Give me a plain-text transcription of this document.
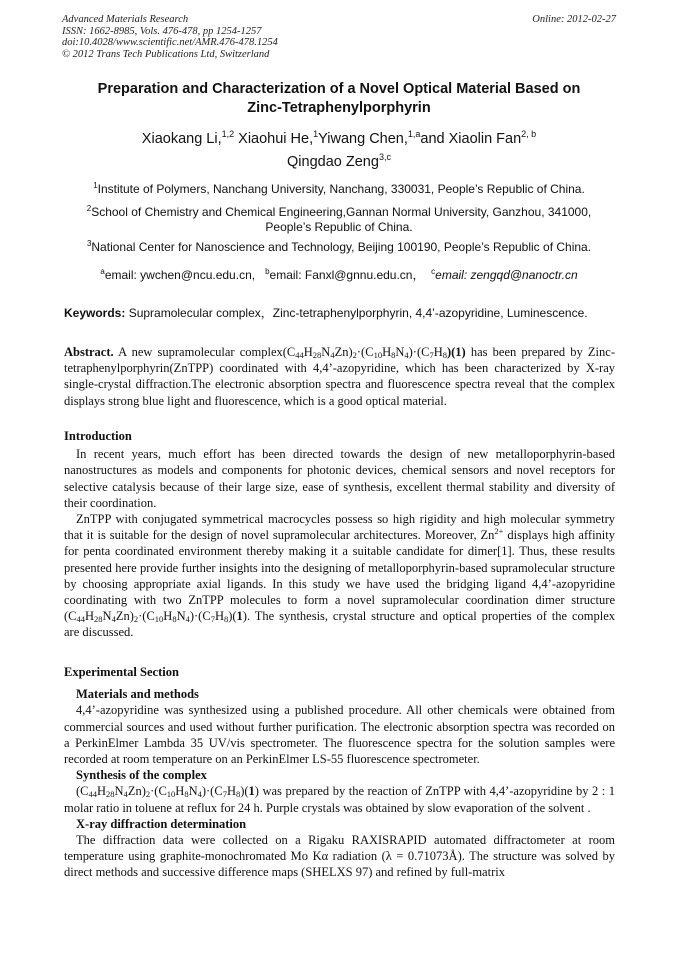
Advanced Materials Research
ISSN: 1662-8985, Vols. 476-478, pp 1254-1257
doi:10.4028/www.scientific.net/AMR.476-478.1254
© 2012 Trans Tech Publications Ltd, Switzerland
Online: 2012-02-27
Preparation and Characterization of a Novel Optical Material Based on
Zinc-Tetraphenylporphyrin
Xiaokang Li,$^{1,2}$ Xiaohui He,$^1$Yiwang Chen,$^{1,a}$and Xiaolin Fan$^{2, b}$
Qingdao Zeng$^{3,c}$
$^1$Institute of Polymers, Nanchang University, Nanchang, 330031, People’s Republic of China.
$^2$School of Chemistry and Chemical Engineering,Gannan Normal University, Ganzhou, 341000,
People’s Republic of China.
$^3$National Center for Nanoscience and Technology, Beijing 100190, People’s Republic of China.
$^a$email: ywchen@ncu.edu.cn, $^b$email: Fanxl@gnnu.edu.cn， $^c$email: zengqd@nanoctr.cn
Keywords: Supramolecular complex，Zinc-tetraphenylporphyrin, 4,4’-azopyridine, Luminescence.

Abstract. A new supramolecular $complex(C_{44}H_{28}N_4Zn)_2\cdot(C_{10}H_8N_4)\cdot(C_7H_8)(1)$ has been prepared by Zinc-tetraphenylporphyrin(ZnTPP) coordinated with 4,4’-azopyridine, which has been characterized by X-ray single-crystal diffraction.The electronic absorption spectra and fluorescence spectra reveal that the complex displays strong blue light and fluorescence, which is a good optical material.

Introduction

In recent years, much effort has been directed towards the design of new metalloporphyrin-based nanostructures as models and components for photonic devices, chemical sensors and novel receptors for selective catalysis because of their large size, ease of synthesis, excellent thermal stability and diversity of their coordination.

ZnTPP with conjugated symmetrical macrocycles possess so high rigidity and high molecular symmetry that it is suitable for the design of novel supramolecular architectures. Moreover, $Zn^{2+}$ displays high affinity for penta coordinated environment thereby making it a suitable candidate for dimer[1]. Thus, these results presented here provide further insights into the designing of metalloporphyrin-based supramolecular structure by choosing appropriate axial ligands. In this study we have used the bridging ligand 4,4’-azopyridine coordinating with two ZnTPP molecules to form a novel supramolecular coordination dimer structure $(C_{44}H_{28}N_4Zn)_2\cdot(C_{10}H_8N_4)\cdot(C_7H_8)(1)$. The synthesis, crystal structure and optical properties of the complex are discussed.

Experimental Section
Materials and methods

4,4’-azopyridine was synthesized using a published procedure. All other chemicals were obtained from commercial sources and used without further purification. The electronic absorption spectra was recorded on a PerkinElmer Lambda 35 UV/vis spectrometer. The fluorescence spectra for the solution samples were recorded at room temperature on an PerkinElmer LS-55 fluorescence spectrometer.

Synthesis of the complex

$(C_{44}H_{28}N_4Zn)_2\cdot(C_{10}H_8N_4)\cdot(C_7H_8)(1)$ was prepared by the reaction of ZnTPP with 4,4’-azopyridine by 2 : 1 molar ratio in toluene at reflux for 24 h. Purple crystals was obtained by slow evaporation of the solvent .

X-ray diffraction determination

The diffraction data were collected on a Rigaku RAXISRAPID automated diffractometer at room temperature using graphite-monochromated Mo Kα radiation (λ = 0.71073Å). The structure was solved by direct methods and successive difference maps (SHELXS 97) and refined by full-matrix
